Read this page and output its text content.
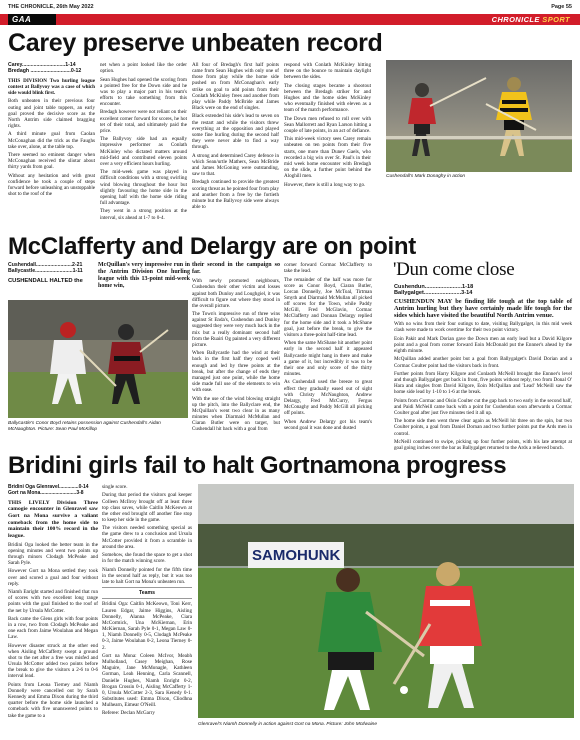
THE CHRONICLE, 26th May 2022	Page 55
GAA	CHRONICLE SPORT
Carey preserve unbeaten record
Carey..............................1-14
Bredagh ............................0-12

THIS DIVISION Two hurling league contest at Ballyvoy was a case of which side would blink first.

Both unbeaten in their previous four outing and joint table toppers, an early goal proved the decisive score as the North Antrim side claimed bragging rights.

A third minute goal from Caolan McConaghan did the trick as the Faughs take over, alone, at the table top.

There seemed no eminent danger when McConaghan received the sliotar about thirty yards from goal.

Without any hesitation and with great confidence he took a couple of steps forward before unleashing an unstoppable shot to the roof of the

net when a point looked like the order option.

Sean Hughes had opened the scoring from a pointed free for the Down side and he was to play a major part in his team's efforts to take something from this encounter.

Bredagh however were not reliant on their excellent corner forward for scores, he hot tet of their total, and ultimately paid the price.

The Ballyvoy side had an equally impressive performer as Conlath McKinley who dictated matters around mid-field and contributed eleven points over a very efficient hours hurling.

The mid-week game was played in difficult conditions with a strong swirling wind blowing throughout the hour but slightly favouring the home side in the opening half with the home side riding full advantage.

They went in a strong position at the interval, six ahead at 1-7 to 0-4.

All four of Bredagh's first half points came from Sean Hughes with only one of those from play while the home side pushed on from McConaghan's early strike on goal to add points from their Conlath McKinley frees and another from play while Paddy McBride and James Black were on the end of singles.

Black extended his side's lead to seven on the restart and while the visitors threw everything at the opposition and played some fine hurling during the second half they were never able to find a way through.

A strong and determined Carey defence in which Sean/urtle Mathers, Sean McBride and James McGoning were outstanding, saw to that.

Bredagh continued to provide the greatest scoring threat as he pointed four from play and another from a free by the fortieth minute but the Ballyvoy side were always able to

respond with Conlath McKinley hitting three on the bounce to maintain daylight between the sides.

The closing stages became a shootout between the Bredagh striker for and Hughes and the home sides McKinley who eventually finished with eleven as a team of the match performance.

The Down men refused to roll over with Sean Mallorrett and Ryan Larson hitting a couple of late points, in an act of defiance.

This mid-week victory sees Carey remain unbeaten on ten points from their five starts, one more than Dunev Gaels, who recorded a big win over St. Paul's in their mid week home encounter with Bredagh on the slide, a further point behind the Aloghill men.

However, there is still a long way to go.

Cushendall's Mark Donaghy in action
'Dun come close
Cushendun........................1-18
Ballygalget........................3-14

CUSHENDUN MAY be finding life tough at the top table of Antrim hurling but they have certainly made life tough for the sides which have visited the beautiful North Antrim venue.

With no wins from their four outings to date, visiting Ballygalget, in this mid week clash were made to work overtime for their two point victory.

Eoin Pakit and Mark Dorian gave the Down men an early lead but a David Kilgore point and a goal from corner forward Eoin McDonald put the Ennner's ahead by the eighth minute.

McQuillan added another point but a goal from Ballygalget's David Dorian and a Cormac Coulter point had the visitors back in front.

Further points from Harry Kilgore and Conlaoth McNeill brought the Ennner's level and though Ballygalget got back in front, five points without reply, two from Donal O' Hara and singles from David Kilgore, Eoin McQuillan and 'Lead' McNeill saw the home side lead by 1-10 to 1-6 at the break.

Points from Cormac and Oisin Coulter cut the gap back to two early in the second half, and Paidi McNeill came back with a point for Cushendun soon afterwards a Cormac Coulter goal after just five minutes tied it all up.

The home side then went three clear again as McNeill hit three on the spin, but two Coulter points, a goal from Daniel Dornan and two further points put the Ards men in control.

McNeill continued to swipe, picking up four further points, with his late attempt at goal going inches over the bar as Ballygalget returned to the Ards a relieved bunch.

McClafferty and Delargy are on point
Cushendall.........................2-21
Ballycastle..........................1-11
CUSHENDALL HALTED the

McQuillan's very impressive run in the Antrim Division One hurling league with this 13-point mid-week home win,

their second in the campaign so far.

With newly promoted neighbours, Cushendun their other victim and losses against both Dunloy and Loughgiel, it was difficult to figure out where they stood in the overall picture.

The Town's impressive run of three wins against St Enda's, Cushendun and Dunloy suggested they were very much back in the mix but a really dominant second half from the Ruairi Og painted a very different picture.

When Ballycastle had the wind at their back in the first half they coped well enough and led by three points at the break, but after the change of ends they managed just one point, while the home side made full use of the elements to win with ease.

With the use of the wind blowing straight up the pitch, into the Ballyclare end, the McQuillan's went two clear in as many minutes when Diarmaid McMullan and Ciaran Butler were on target, but Cushendall hit back with a goal from

corner forward Cormac McClafferty to take the lead.

The remainder of the half was more for score as Conor Boyd, Ciaran Butler, Lorcan Donnelly, Joe McToal, Tirtman Smyth and Diarmaid McMullan all picked off scores for the Town, while Paddy McGill, Fred McGlavin, Cormac McClafferty and Donnan Delargy replied for the home side and it took a McShane goal, just before the break, to give the visitors a three-point half-time lead.

When the same McShane hit another point early in the second half it appeared Ballycastle might hang in there and make a game of it, but incredibly it was to be their one and only score of the thirty minutes.

As Cushendall used the breeze to great effect they gradually eased out of sight with Christy McNaughton, Andrew Delargy, Fred McCurry, Fergus McConaghy and Paddy McGill all picking off points.

When Andrew Delargy got his team's second goal it was done and dusted

Ballycastle's Conor Boyd retains possession against Cushendall's Aidan McNaughton. Picture: Sean Paul McKillop
Bridini girls fail to halt Gortnamona progress
Bridini Oga Glenravel..............0-14
Gort na Mona..........................3-8

THIS LIVELY Division Three camogie encounter in Glenravel saw Gort na Mona survive a valiant comeback from the home side to maintain their 100% record in the league.

Bridini Oga looked the better team in the opening minutes and went two points up through minors Clodagh McPeake and Sarah Pyle.

However Gort na Mona settled they took over and scored a goal and four without reply.

Niamh Enright started and finished that run of scores with two excellent long range points with the goal finished to the roof of the net by Ursula McCotter.

Back came the Glens girls with four points in a row, two from Clodagh McPeake and one each from Jaime Woulahan and Megan Law.

However disaster struck at the other end when Aisling McCafferty swept a ground shot to the net after a free was misfed and Ursula McCotter added two points before the break to give the visitors a 2-6 to 0-6 interval lead.

Points from Leona Tierney and Niamh Donnelly were cancelled out by Sarah Kennedy and Emma Dixon during the third quarter before the home side launched a comeback with five unanswered points to take the game to a

single score.

During that period the visitors goal keeper Colleen McIlroy brought off at least three top class saves, while Caitlin McKeown at the other end brought off another fine stop to keep her side in the game.

The visitors needed something special as the game drew to a conclusion and Ursula McCotter provided it from a scramble in around the area.

Somehow, she found the space to get a shot in for the match winning score.

Niamh Donnelly pointed for the fifth time in the second half as reply, but it was too late to halt Gort na Mona's unbeaten run.

Teams

Bridini Oga: Caitlin McKeown, Toni Kerr, Lauren Edgar, Jaime Higgins, Aisling Donnelly, Alanna McPeake, Ciara McCormick, Una McKiernan, Erin McKiernan, Sarah Pyle 0-1, Megan Law 0-1, Niamh Donnelly 0-5, Clodagh McPeake 0-3, Jaime Woulahan 0-2, Leona Tierney 0-2.

Gort na Mona: Coleen McIvor, Meabh Mulholland, Casey Meighan, Rose Maguire, Jane McMonagle, Kathleen Gorman, Leah Henning, Carla Scannell, Danielle Hughes, Niamh Enright 0-2, Brogan Crossin 0-1, Aisling McCafferty 1-0, Ursula McCotter 2-3, Sara Kenedy 0-1. Substitutes used: Emma Dixon, Cliodhna Mulhearn, Eimear O'Neill.

Referee: Declan McGarry

SAMOHUNK
Glenravel's Niamh Donnelly in action against Gort na Mona. Picture: John McIlwaine
